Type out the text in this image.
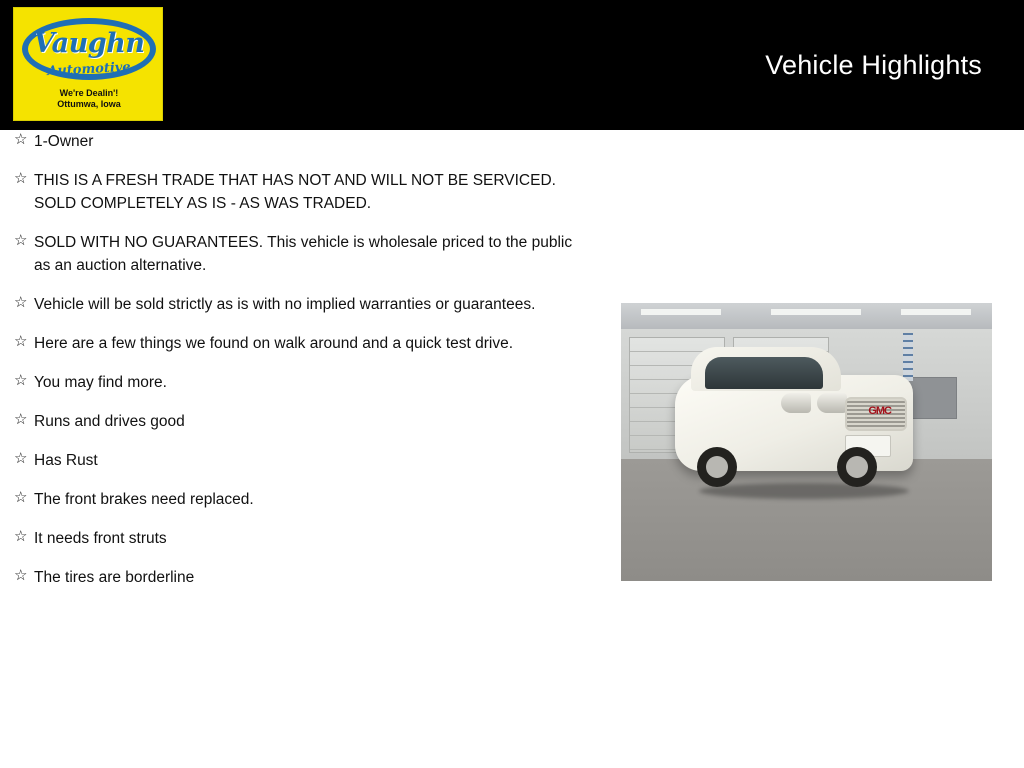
Vaughn
Automotive
We're Dealin'!
Ottumwa, Iowa
Vehicle Highlights
☆ 1-Owner
☆ THIS IS A FRESH TRADE THAT HAS NOT AND WILL NOT BE SERVICED. SOLD COMPLETELY AS IS - AS WAS TRADED.
☆ SOLD WITH NO GUARANTEES. This vehicle is wholesale priced to the public as an auction alternative.
☆ Vehicle will be sold strictly as is with no implied warranties or guarantees.
☆ Here are a few things we found on walk around and a quick test drive.
☆ You may find more.
☆ Runs and drives good
☆ Has Rust
☆ The front brakes need replaced.
☆ It needs front struts
☆ The tires are borderline
GMC
